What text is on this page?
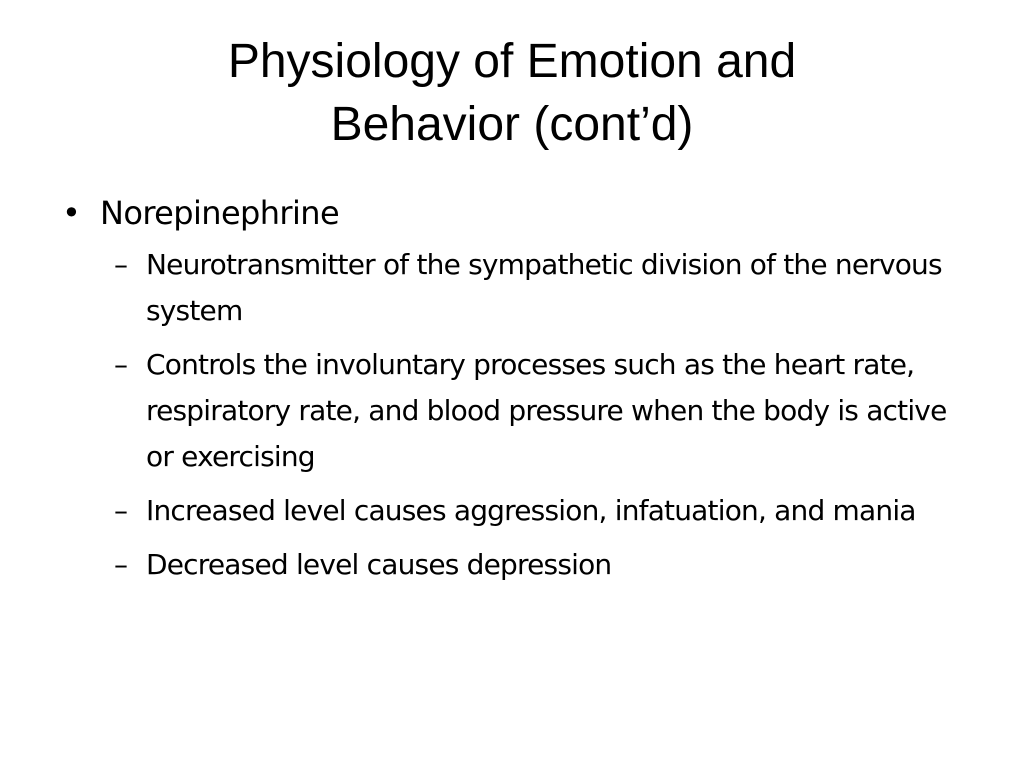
Physiology of Emotion and
Behavior (cont’d)
• Norepinephrine
– Neurotransmitter of the sympathetic division of the nervous system
– Controls the involuntary processes such as the heart rate, respiratory rate, and blood pressure when the body is active or exercising
– Increased level causes aggression, infatuation, and mania
– Decreased level causes depression
